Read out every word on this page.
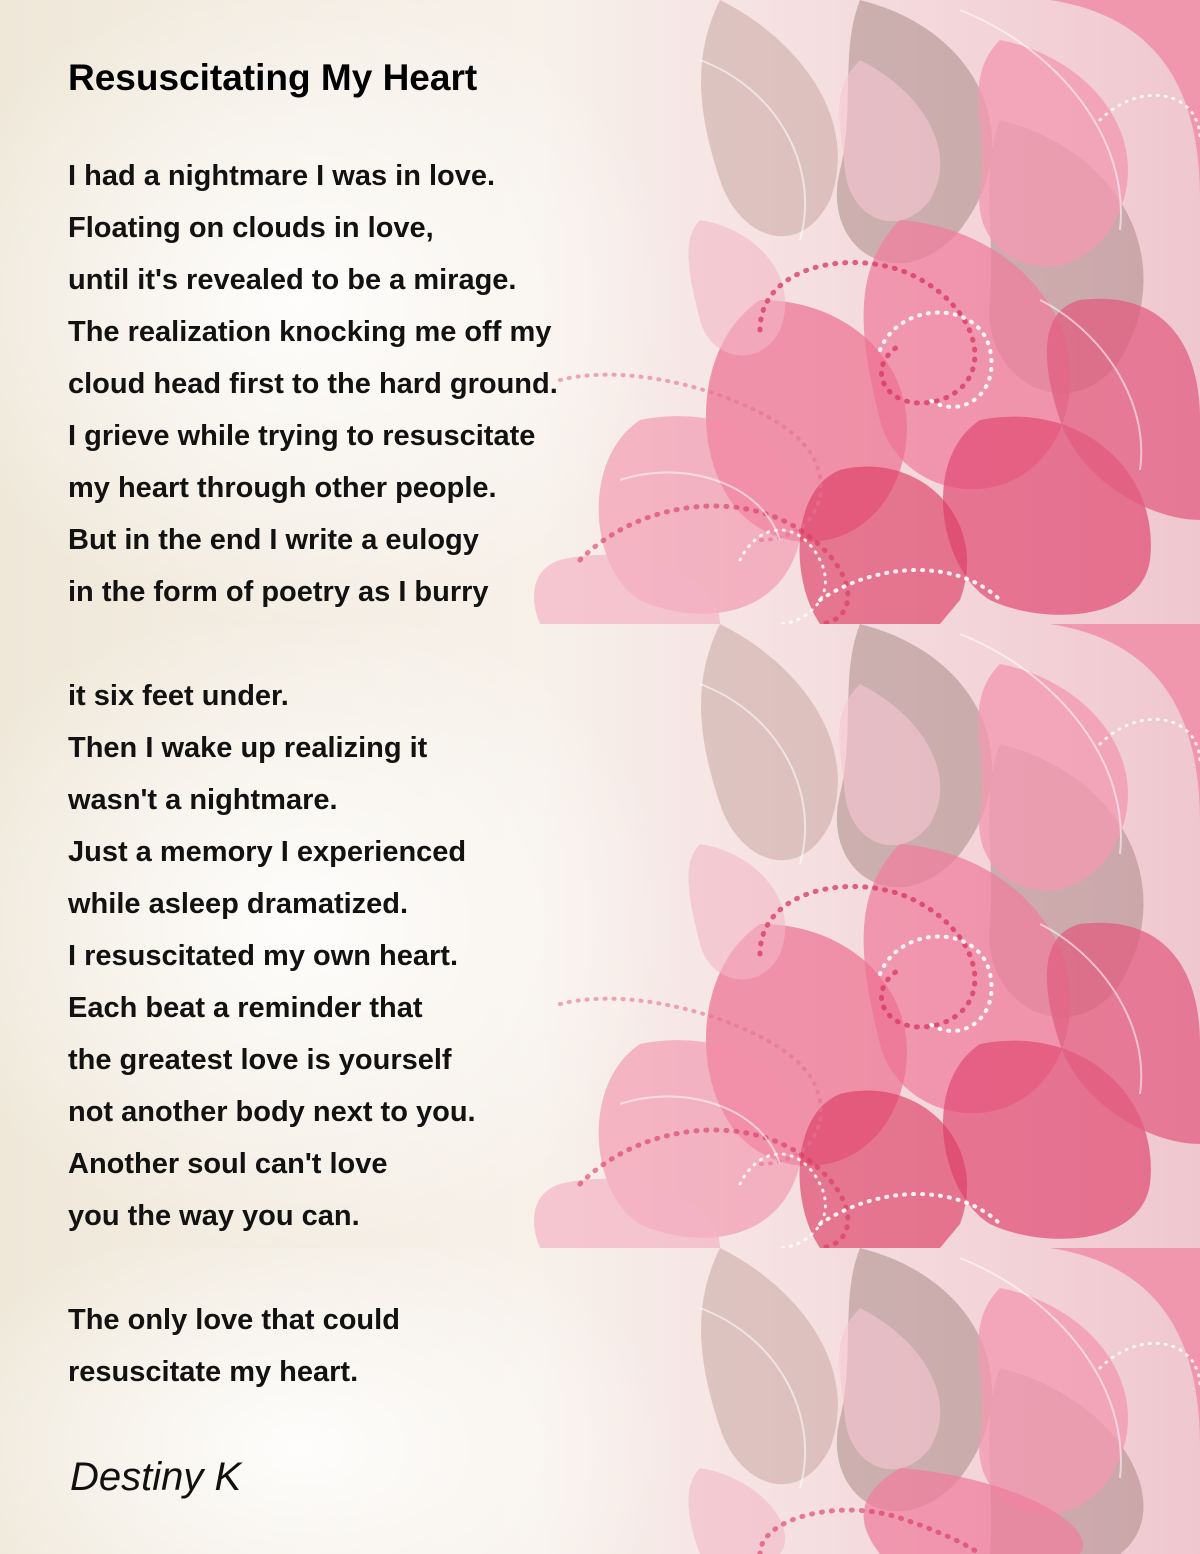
Resuscitating My Heart
I had a nightmare I was in love.
Floating on clouds in love,
until it's revealed to be a mirage.
The realization knocking me off my
cloud head first to the hard ground.
I grieve while trying to resuscitate
my heart through other people.
But in the end I write a eulogy
in the form of poetry as I burry
it six feet under.
Then I wake up realizing it
wasn't a nightmare.
Just a memory I experienced
while asleep dramatized.
I resuscitated my own heart.
Each beat a reminder that
the greatest love is yourself
not another body next to you.
Another soul can't love
you the way you can.
The only love that could
resuscitate my heart.

Destiny K
